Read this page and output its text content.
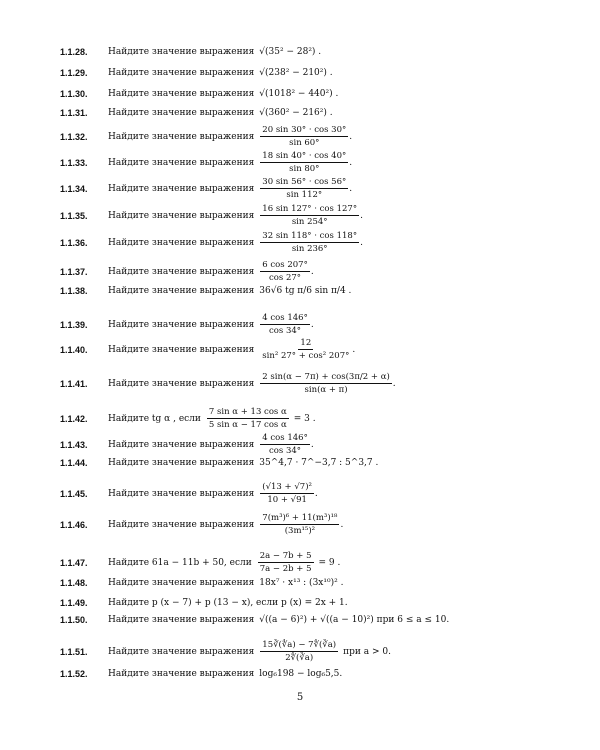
1.1.28.	Найдите значение выражения √(35² − 28²) .
1.1.29.	Найдите значение выражения √(238² − 210²) .
1.1.30.	Найдите значение выражения √(1018² − 440²) .
1.1.31.	Найдите значение выражения √(360² − 216²) .
1.1.32.	Найдите значение выражения $\frac{20 \sin 30^\circ \cdot \cos 30^\circ}{\sin 60^\circ}$ .
1.1.33.	Найдите значение выражения $\frac{18 \sin 40^\circ \cdot \cos 40^\circ}{\sin 80^\circ}$ .
1.1.34.	Найдите значение выражения $\frac{30 \sin 56^\circ \cdot \cos 56^\circ}{\sin 112^\circ}$ .
1.1.35.	Найдите значение выражения $\frac{16 \sin 127^\circ \cdot \cos 127^\circ}{\sin 254^\circ}$ .
1.1.36.	Найдите значение выражения $\frac{32 \sin 118^\circ \cdot \cos 118^\circ}{\sin 236^\circ}$ .
1.1.37.	Найдите значение выражения $\frac{6 \cos 207^\circ}{\cos 27^\circ}$ .
1.1.38.	Найдите значение выражения 36√6 tg π/6 sin π/4 .
1.1.39.	Найдите значение выражения $\frac{4 \cos 146^\circ}{\cos 34^\circ}$ .
1.1.40.	Найдите значение выражения $\frac{12}{\text{sin² 27° + cos² 207°}}$ .
1.1.41.	Найдите значение выражения $\frac{2 \sin(\alpha - 7\pi) + \cos(3\pi/2 + \alpha)}{\sin(\alpha + \pi)}$ .
1.1.42.	Найдите tg α , если $\frac{\text{7 sin α + 13 cos α}}{\text{5 sin α − 17 cos α}} = 3$ .
1.1.43.	Найдите значение выражения $\frac{4 \cos 146^\circ}{\cos 34^\circ}$ .
1.1.44.	Найдите значение выражения 35^4,7 · 7^−3,7 : 5^3,7 .
1.1.45.	Найдите значение выражения $\frac{\text{(√13 + √7)²}}{10 + √91}$ .
1.1.46.	Найдите значение выражения $\frac{\text{7(m³)⁶ + 11(m³)¹⁸}}{\text{(3m¹⁵)²}}$ .
1.1.47.	Найдите 61a − 11b + 50, если $\frac{2a - 7b + 5}{7a - 2b + 5} = 9$ .
1.1.48.	Найдите значение выражения 18x⁷ · x¹³ : (3x¹⁰)² .
1.1.49.	Найдите p (x − 7) + p (13 − x), если p (x) = 2x + 1.
1.1.50.	Найдите значение выражения √((a − 6)²) + √((a − 10)²) при 6 ≤ a ≤ 10.
1.1.51.	Найдите значение выражения $\frac{15∛(∜a) - 7∜(∛a)}{2∜(∛a)}$ при a > 0.
1.1.52.	Найдите значение выражения log₆198 − log₆5,5.
5
